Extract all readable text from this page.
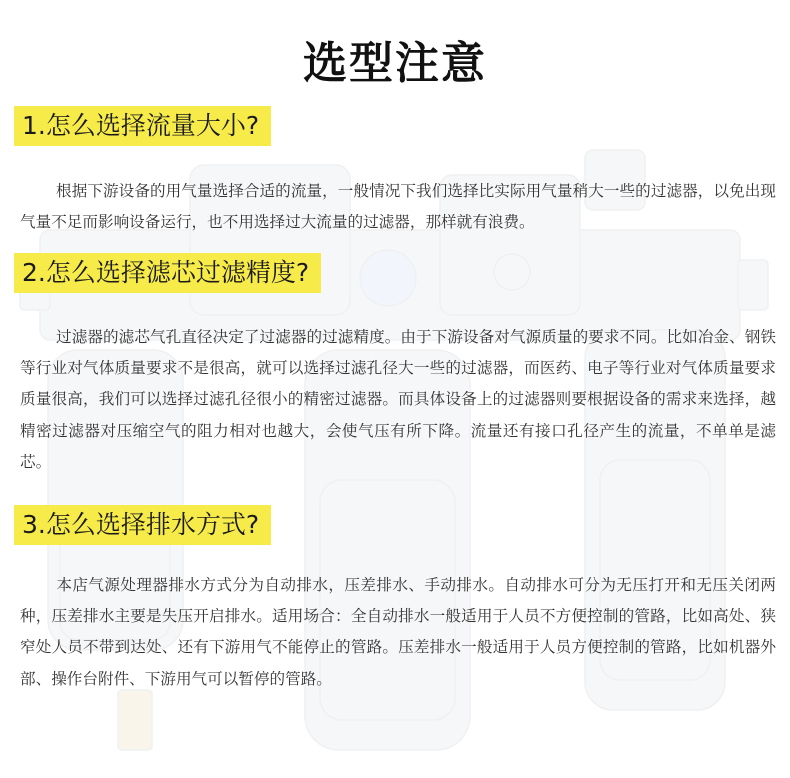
选型注意
1.怎么选择流量大小?

根据下游设备的用气量选择合适的流量，一般情况下我们选择比实际用气量稍大一些的过滤器，以免出现气量不足而影响设备运行，也不用选择过大流量的过滤器，那样就有浪费。

2.怎么选择滤芯过滤精度?

过滤器的滤芯气孔直径决定了过滤器的过滤精度。由于下游设备对气源质量的要求不同。比如冶金、钢铁等行业对气体质量要求不是很高，就可以选择过滤孔径大一些的过滤器，而医药、电子等行业对气体质量要求质量很高，我们可以选择过滤孔径很小的精密过滤器。而具体设备上的过滤器则要根据设备的需求来选择，越精密过滤器对压缩空气的阻力相对也越大，会使气压有所下降。流量还有接口孔径产生的流量，不单单是滤芯。

3.怎么选择排水方式?

本店气源处理器排水方式分为自动排水，压差排水、手动排水。自动排水可分为无压打开和无压关闭两种，压差排水主要是失压开启排水。适用场合：全自动排水一般适用于人员不方便控制的管路，比如高处、狭窄处人员不带到达处、还有下游用气不能停止的管路。压差排水一般适用于人员方便控制的管路，比如机器外部、操作台附件、下游用气可以暂停的管路。
